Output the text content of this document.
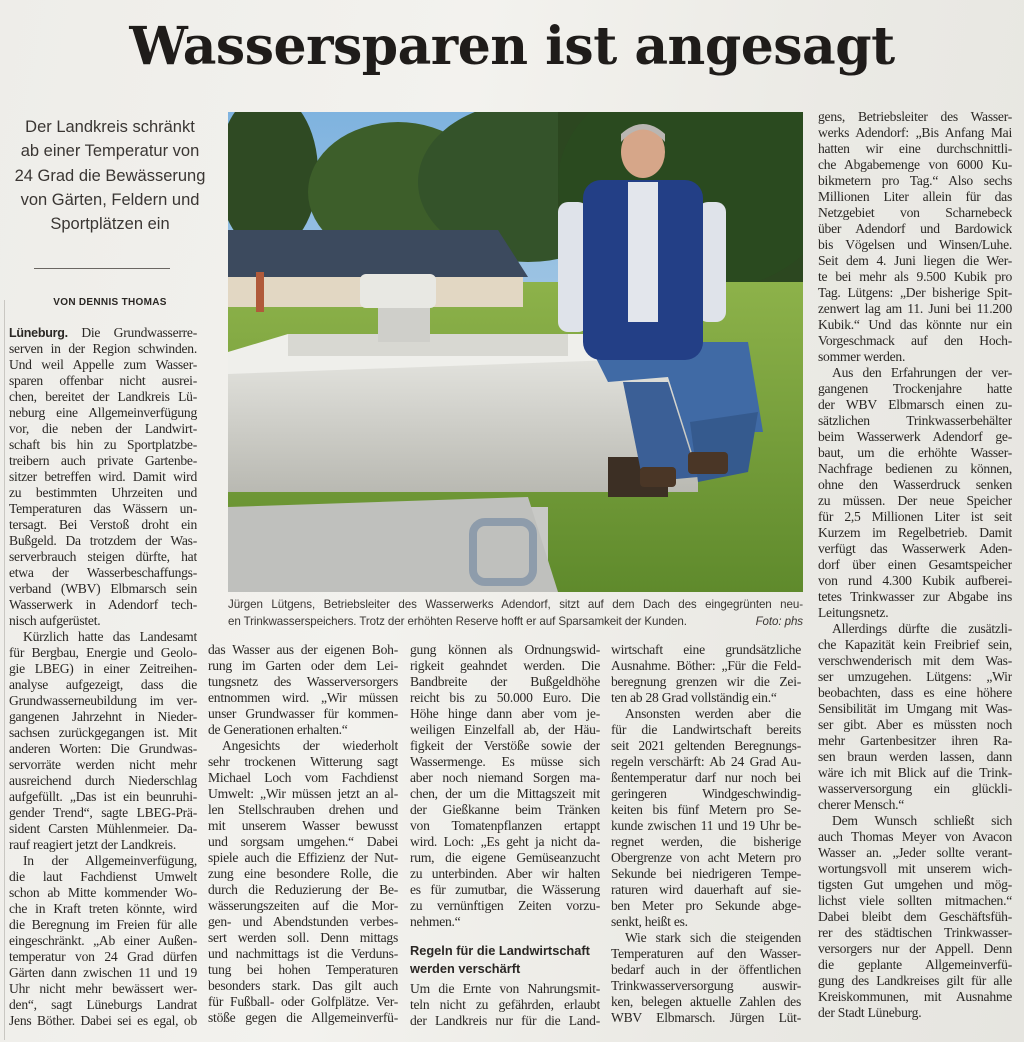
Wassersparen ist angesagt
Der Landkreis schränkt ab einer Temperatur von 24 Grad die Bewässerung von Gärten, Feldern und Sportplätzen ein
VON DENNIS THOMAS
Jürgen Lütgens, Betriebsleiter des Wasserwerks Adendorf, sitzt auf dem Dach des eingegrünten neu-
en Trinkwasserspeichers. Trotz der erhöhten Reserve hofft er auf Sparsamkeit der Kunden.	Foto: phs
Lüneburg. Die Grundwasserre-
serven in der Region schwinden.
Und weil Appelle zum Wasser-
sparen offenbar nicht ausrei-
chen, bereitet der Landkreis Lü-
neburg eine Allgemeinverfügung
vor, die neben der Landwirt-
schaft bis hin zu Sportplatzbe-
treibern auch private Gartenbe-
sitzer betreffen wird. Damit wird
zu bestimmten Uhrzeiten und
Temperaturen das Wässern un-
tersagt. Bei Verstoß droht ein
Bußgeld. Da trotzdem der Was-
serverbrauch steigen dürfte, hat
etwa der Wasserbeschaffungs-
verband (WBV) Elbmarsch sein
Wasserwerk in Adendorf tech-
nisch aufgerüstet.
Kürzlich hatte das Landesamt
für Bergbau, Energie und Geolo-
gie LBEG) in einer Zeitreihen-
analyse aufgezeigt, dass die
Grundwasserneubildung im ver-
gangenen Jahrzehnt in Nieder-
sachsen zurückgegangen ist. Mit
anderen Worten: Die Grundwas-
servorräte werden nicht mehr
ausreichend durch Niederschlag
aufgefüllt. „Das ist ein beunruhi-
gender Trend“, sagte LBEG-Prä-
sident Carsten Mühlenmeier. Da-
rauf reagiert jetzt der Landkreis.
In der Allgemeinverfügung,
die laut Fachdienst Umwelt
schon ab Mitte kommender Wo-
che in Kraft treten könnte, wird
die Beregnung im Freien für alle
eingeschränkt. „Ab einer Außen-
temperatur von 24 Grad dürfen
Gärten dann zwischen 11 und 19
Uhr nicht mehr bewässert wer-
den“, sagt Lüneburgs Landrat
Jens Böther. Dabei sei es egal, ob
das Wasser aus der eigenen Boh-
rung im Garten oder dem Lei-
tungsnetz des Wasserversorgers
entnommen wird. „Wir müssen
unser Grundwasser für kommen-
de Generationen erhalten.“
Angesichts der wiederholt
sehr trockenen Witterung sagt
Michael Loch vom Fachdienst
Umwelt: „Wir müssen jetzt an al-
len Stellschrauben drehen und
mit unserem Wasser bewusst
und sorgsam umgehen.“ Dabei
spiele auch die Effizienz der Nut-
zung eine besondere Rolle, die
durch die Reduzierung der Be-
wässerungszeiten auf die Mor-
gen- und Abendstunden verbes-
sert werden soll. Denn mittags
und nachmittags ist die Verduns-
tung bei hohen Temperaturen
besonders stark. Das gilt auch
für Fußball- oder Golfplätze. Ver-
stöße gegen die Allgemeinverfü-
gung können als Ordnungswid-
rigkeit geahndet werden. Die
Bandbreite der Bußgeldhöhe
reicht bis zu 50.000 Euro. Die
Höhe hinge dann aber vom je-
weiligen Einzelfall ab, der Häu-
figkeit der Verstöße sowie der
Wassermenge. Es müsse sich
aber noch niemand Sorgen ma-
chen, der um die Mittagszeit mit
der Gießkanne beim Tränken
von Tomatenpflanzen ertappt
wird. Loch: „Es geht ja nicht da-
rum, die eigene Gemüseanzucht
zu unterbinden. Aber wir halten
es für zumutbar, die Wässerung
zu vernünftigen Zeiten vorzu-
nehmen.“
Regeln für die Landwirtschaft werden verschärft
Um die Ernte von Nahrungsmit-
teln nicht zu gefährden, erlaubt
der Landkreis nur für die Land-
wirtschaft eine grundsätzliche
Ausnahme. Böther: „Für die Feld-
beregnung grenzen wir die Zei-
ten ab 28 Grad vollständig ein.“
Ansonsten werden aber die
für die Landwirtschaft bereits
seit 2021 geltenden Beregnungs-
regeln verschärft: Ab 24 Grad Au-
ßentemperatur darf nur noch bei
geringeren Windgeschwindig-
keiten bis fünf Metern pro Se-
kunde zwischen 11 und 19 Uhr be-
regnet werden, die bisherige
Obergrenze von acht Metern pro
Sekunde bei niedrigeren Tempe-
raturen wird dauerhaft auf sie-
ben Meter pro Sekunde abge-
senkt, heißt es.
Wie stark sich die steigenden
Temperaturen auf den Wasser-
bedarf auch in der öffentlichen
Trinkwasserversorgung auswir-
ken, belegen aktuelle Zahlen des
WBV Elbmarsch. Jürgen Lüt-
gens, Betriebsleiter des Wasser-
werks Adendorf: „Bis Anfang Mai
hatten wir eine durchschnittli-
che Abgabemenge von 6000 Ku-
bikmetern pro Tag.“ Also sechs
Millionen Liter allein für das
Netzgebiet von Scharnebeck
über Adendorf und Bardowick
bis Vögelsen und Winsen/Luhe.
Seit dem 4. Juni liegen die Wer-
te bei mehr als 9.500 Kubik pro
Tag. Lütgens: „Der bisherige Spit-
zenwert lag am 11. Juni bei 11.200
Kubik.“ Und das könnte nur ein
Vorgeschmack auf den Hoch-
sommer werden.
Aus den Erfahrungen der ver-
gangenen Trockenjahre hatte
der WBV Elbmarsch einen zu-
sätzlichen Trinkwasserbehälter
beim Wasserwerk Adendorf ge-
baut, um die erhöhte Wasser-
Nachfrage bedienen zu können,
ohne den Wasserdruck senken
zu müssen. Der neue Speicher
für 2,5 Millionen Liter ist seit
Kurzem im Regelbetrieb. Damit
verfügt das Wasserwerk Aden-
dorf über einen Gesamtspeicher
von rund 4.300 Kubik aufberei-
tetes Trinkwasser zur Abgabe ins
Leitungsnetz.
Allerdings dürfte die zusätzli-
che Kapazität kein Freibrief sein,
verschwenderisch mit dem Was-
ser umzugehen. Lütgens: „Wir
beobachten, dass es eine höhere
Sensibilität im Umgang mit Was-
ser gibt. Aber es müssten noch
mehr Gartenbesitzer ihren Ra-
sen braun werden lassen, dann
wäre ich mit Blick auf die Trink-
wasserversorgung ein glückli-
cherer Mensch.“
Dem Wunsch schließt sich
auch Thomas Meyer von Avacon
Wasser an. „Jeder sollte verant-
wortungsvoll mit unserem wich-
tigsten Gut umgehen und mög-
lichst viele sollten mitmachen.“
Dabei bleibt dem Geschäftsfüh-
rer des städtischen Trinkwasser-
versorgers nur der Appell. Denn
die geplante Allgemeinverfü-
gung des Landkreises gilt für alle
Kreiskommunen, mit Ausnahme
der Stadt Lüneburg.
